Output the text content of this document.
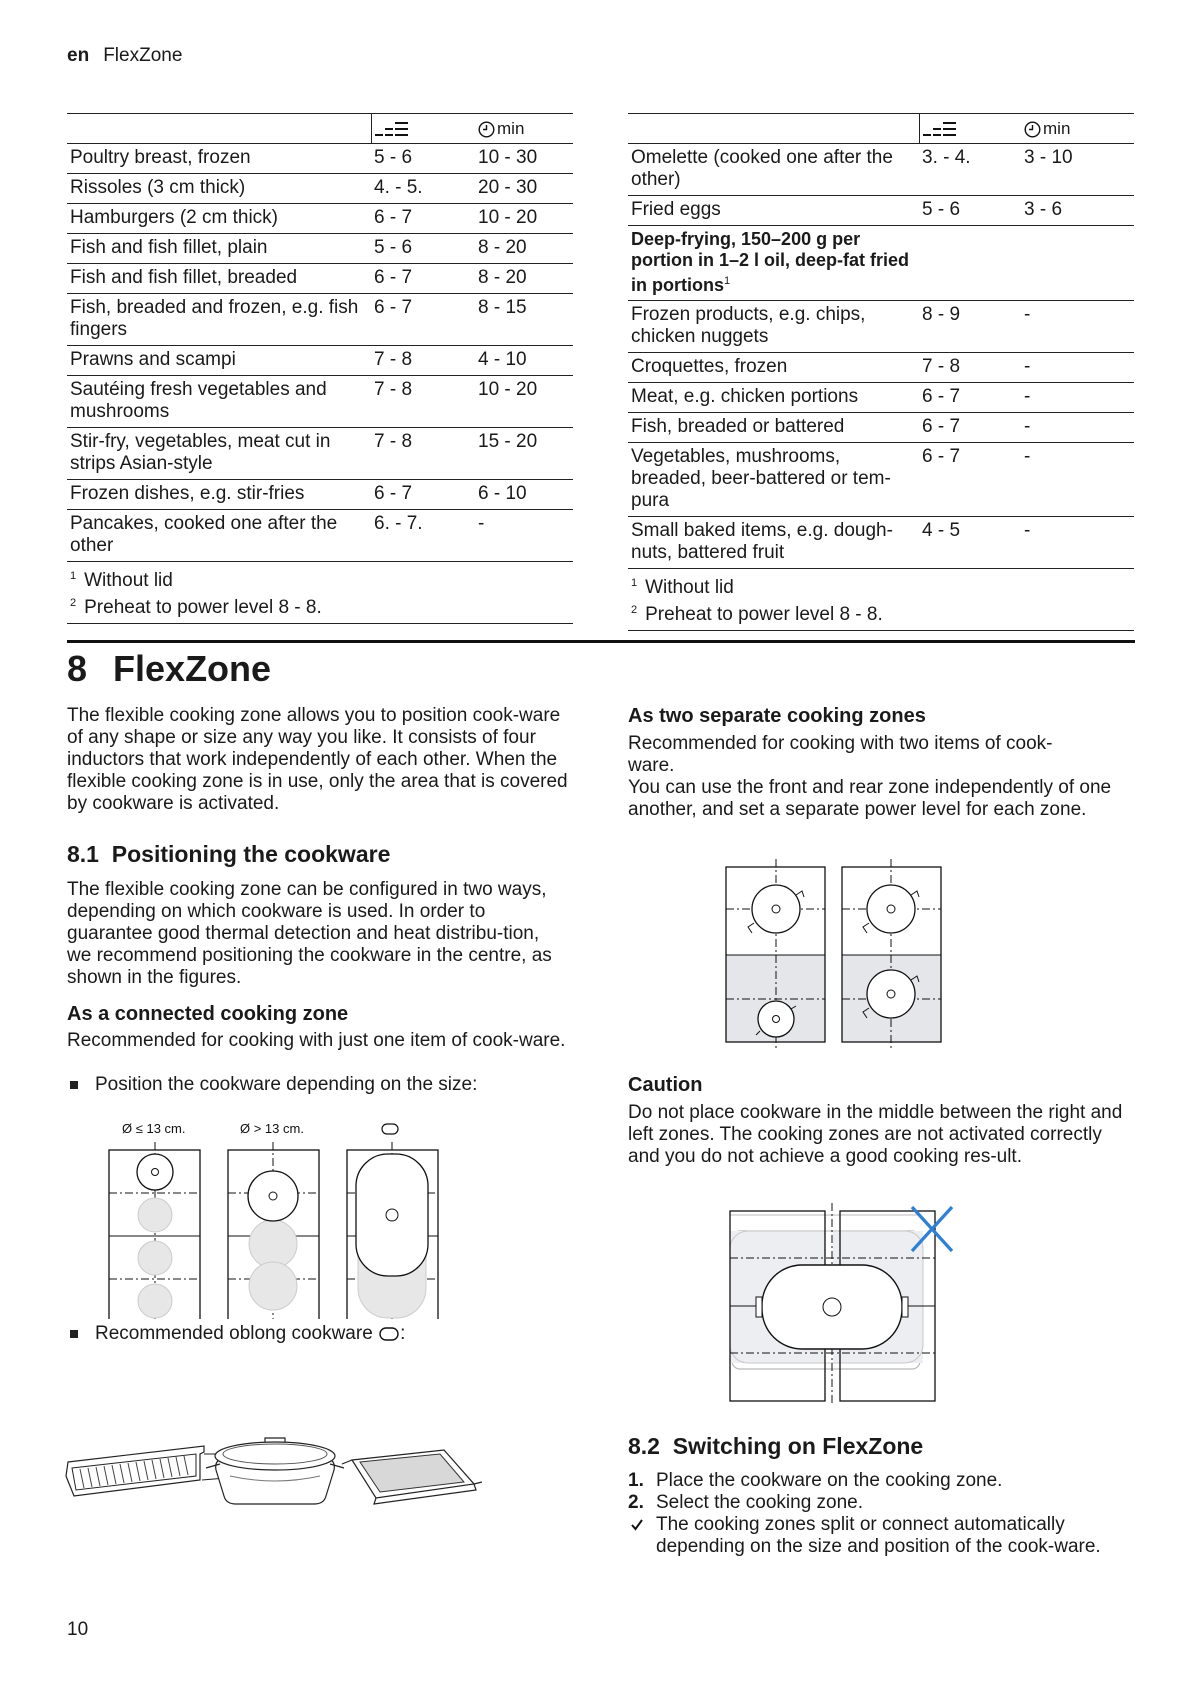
en FlexZone
		min
Poultry breast, frozen	5 - 6	10 - 30
Rissoles (3 cm thick)	4. - 5.	20 - 30
Hamburgers (2 cm thick)	6 - 7	10 - 20
Fish and fish fillet, plain	5 - 6	8 - 20
Fish and fish fillet, breaded	6 - 7	8 - 20
Fish, breaded and frozen, e.g. fish fingers	6 - 7	8 - 15
Prawns and scampi	7 - 8	4 - 10
Sautéing fresh vegetables and mushrooms	7 - 8	10 - 20
Stir-fry, vegetables, meat cut in strips Asian-style	7 - 8	15 - 20
Frozen dishes, e.g. stir-fries	6 - 7	6 - 10
Pancakes, cooked one after the other	6. - 7.	-

$^1$ Without lid
$^2$ Preheat to power level 8 - 8.		
		min
Omelette (cooked one after the other)	3. - 4.	3 - 10
Fried eggs	5 - 6	3 - 6
Deep-frying, 150–200 g per portion in 1–2 l oil, deep-fat fried in portions$^1$		
Frozen products, e.g. chips, chicken nuggets	8 - 9	-
Croquettes, frozen	7 - 8	-
Meat, e.g. chicken portions	6 - 7	-
Fish, breaded or battered	6 - 7	-
Vegetables, mushrooms, breaded, beer-battered or tem-pura	6 - 7	-
Small baked items, e.g. dough-nuts, battered fruit	4 - 5	-

$^1$ Without lid
$^2$ Preheat to power level 8 - 8.		
8 FlexZone
The flexible cooking zone allows you to position cook-ware of any shape or size any way you like. It consists of four inductors that work independently of each other. When the flexible cooking zone is in use, only the area that is covered by cookware is activated.
8.1 Positioning the cookware
The flexible cooking zone can be configured in two ways, depending on which cookware is used. In order to guarantee good thermal detection and heat distribu-tion, we recommend positioning the cookware in the centre, as shown in the figures.
As a connected cooking zone
Recommended for cooking with just one item of cook-ware.
Position the cookware depending on the size:
Ø ≤ 13 cm.	Ø > 13 cm.
Recommended oblong cookware :
As two separate cooking zones
Recommended for cooking with two items of cook-ware.
You can use the front and rear zone independently of one another, and set a separate power level for each zone.
Caution
Do not place cookware in the middle between the right and left zones. The cooking zones are not activated correctly and you do not achieve a good cooking res-ult.
8.2 Switching on FlexZone
1. Place the cookware on the cooking zone.
2. Select the cooking zone.
The cooking zones split or connect automatically depending on the size and position of the cook-ware.
10
